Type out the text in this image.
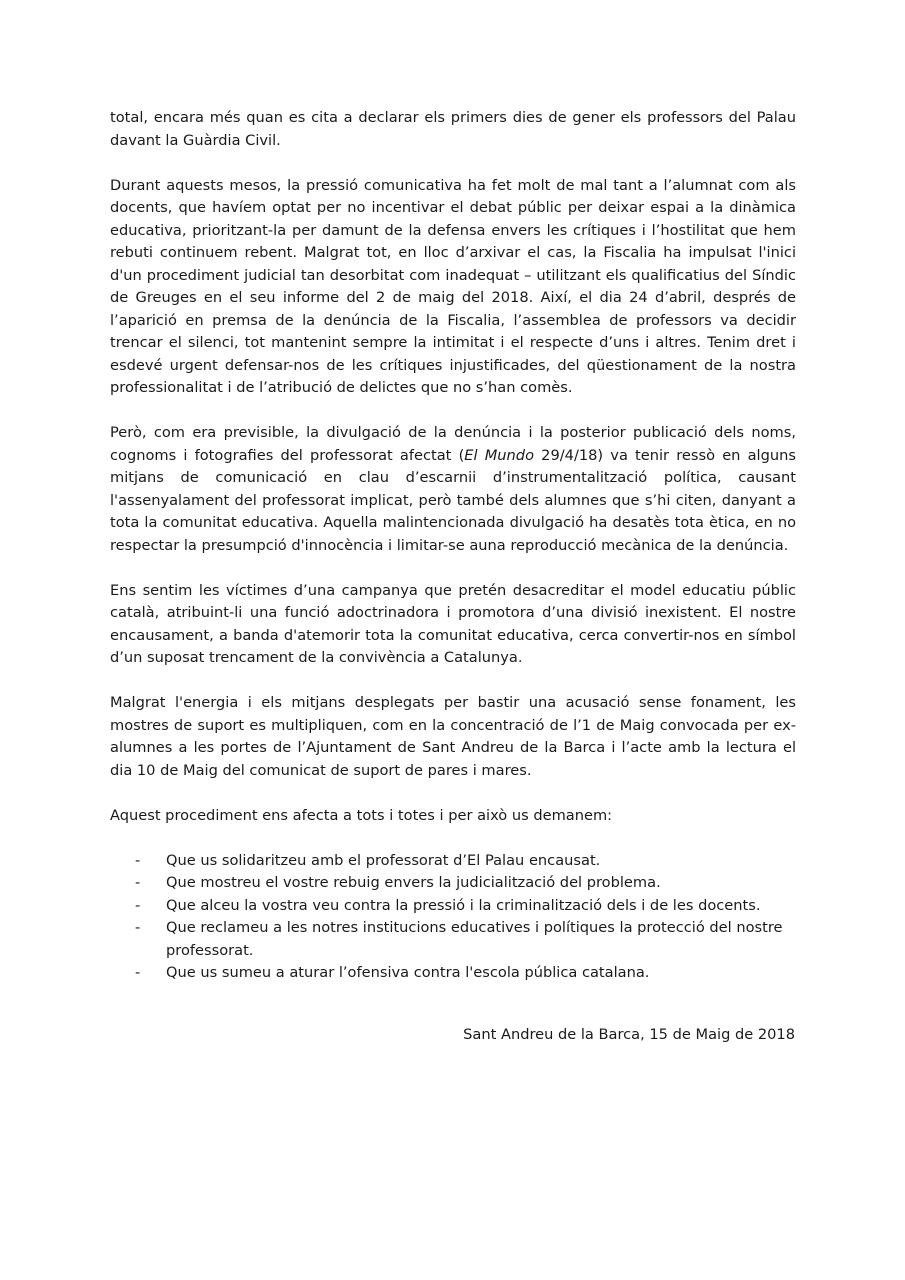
total, encara més quan es cita a declarar els primers dies de gener els professors del Palau davant la Guàrdia Civil.

Durant aquests mesos, la pressió comunicativa ha fet molt de mal tant a l’alumnat com als docents, que havíem optat per no incentivar el debat públic per deixar espai a la dinàmica educativa, prioritzant-la per damunt de la defensa envers les crítiques i l’hostilitat que hem rebuti continuem rebent. Malgrat tot, en lloc d’arxivar el cas, la Fiscalia ha impulsat l'inici d'un procediment judicial tan desorbitat com inadequat – utilitzant els qualificatius del Síndic de Greuges en el seu informe del 2 de maig del 2018. Així, el dia 24 d’abril, després de l’aparició en premsa de la denúncia de la Fiscalia, l’assemblea de professors va decidir trencar el silenci, tot mantenint sempre la intimitat i el respecte d’uns i altres. Tenim dret i esdevé urgent defensar-nos de les crítiques injustificades, del qüestionament de la nostra professionalitat i de l’atribució de delictes que no s’han comès.

Però, com era previsible, la divulgació de la denúncia i la posterior publicació dels noms, cognoms i fotografies del professorat afectat (El Mundo 29/4/18) va tenir ressò en alguns mitjans de comunicació en clau d’escarnii d’instrumentalització política, causant l'assenyalament del professorat implicat, però també dels alumnes que s’hi citen, danyant a tota la comunitat educativa. Aquella malintencionada divulgació ha desatès tota ètica, en no respectar la presumpció d'innocència i limitar-se auna reproducció mecànica de la denúncia.

Ens sentim les víctimes d’una campanya que pretén desacreditar el model educatiu públic català, atribuint-li una funció adoctrinadora i promotora d’una divisió inexistent. El nostre encausament, a banda d'atemorir tota la comunitat educativa, cerca convertir-nos en símbol d’un suposat trencament de la convivència a Catalunya.

Malgrat l'energia i els mitjans desplegats per bastir una acusació sense fonament, les mostres de suport es multipliquen, com en la concentració de l’1 de Maig convocada per ex-alumnes a les portes de l’Ajuntament de Sant Andreu de la Barca i l’acte amb la lectura el dia 10 de Maig del comunicat de suport de pares i mares.

Aquest procediment ens afecta a tots i totes i per això us demanem:

- Que us solidaritzeu amb el professorat d’El Palau encausat.
- Que mostreu el vostre rebuig envers la judicialització del problema.
- Que alceu la vostra veu contra la pressió i la criminalització dels i de les docents.
- Que reclameu a les notres institucions educatives i polítiques la protecció del nostre professorat.
- Que us sumeu a aturar l’ofensiva contra l'escola pública catalana.
Sant Andreu de la Barca, 15 de Maig de 2018
